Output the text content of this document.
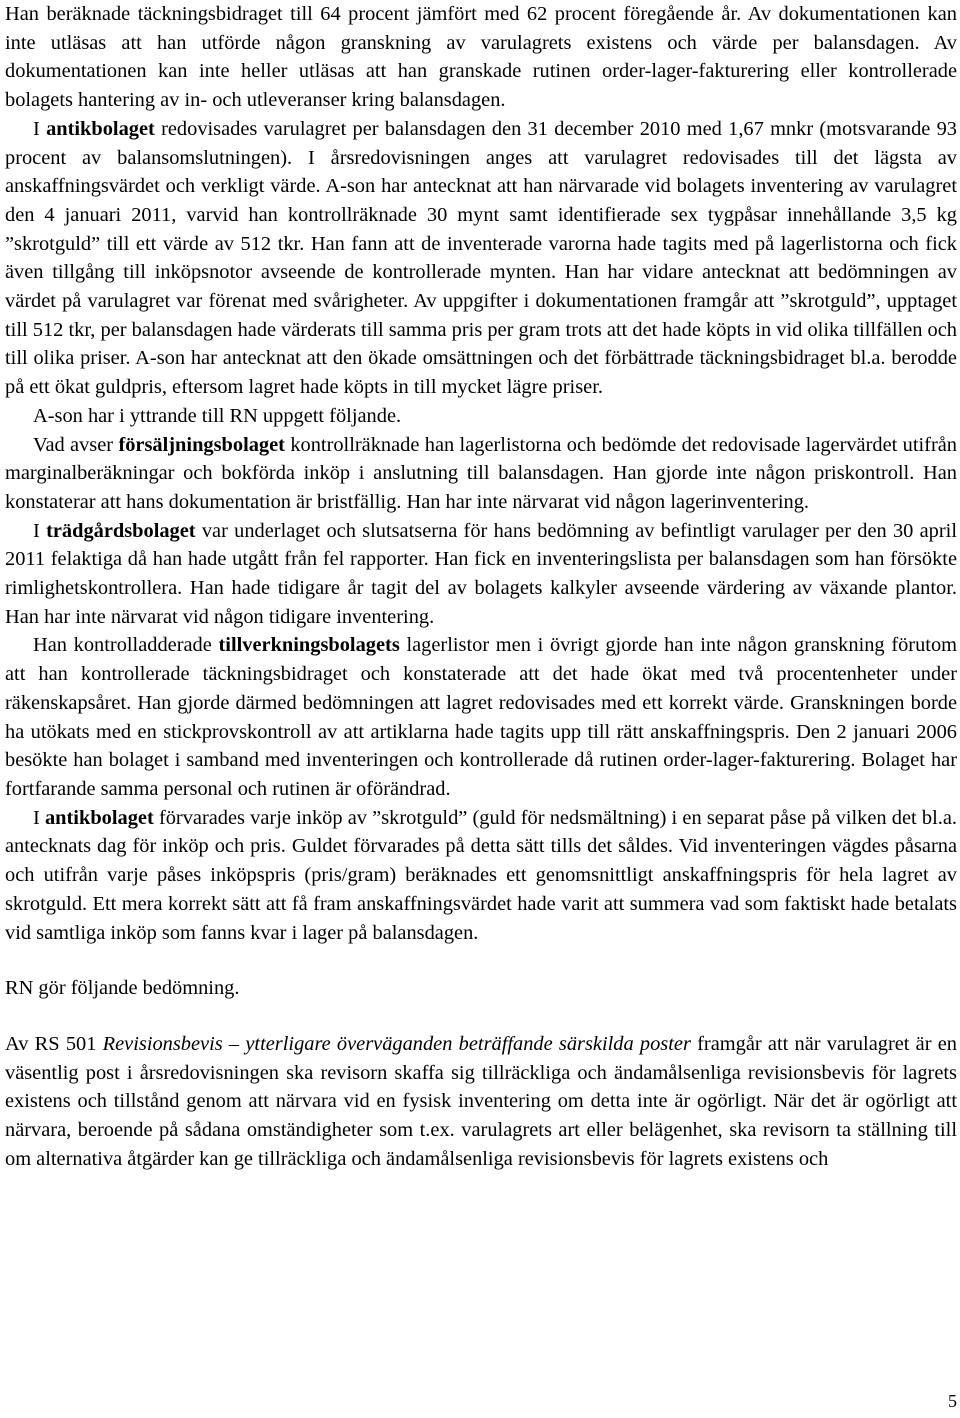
Han beräknade täckningsbidraget till 64 procent jämfört med 62 procent föregående år. Av dokumentationen kan inte utläsas att han utförde någon granskning av varulagrets existens och värde per balansdagen. Av dokumentationen kan inte heller utläsas att han granskade rutinen order-lager-fakturering eller kontrollerade bolagets hantering av in- och utleveranser kring balansdagen.

I antikbolaget redovisades varulagret per balansdagen den 31 december 2010 med 1,67 mnkr (motsvarande 93 procent av balansomslutningen). I årsredovisningen anges att varulagret redovisades till det lägsta av anskaffningsvärdet och verkligt värde. A-son har antecknat att han närvarade vid bolagets inventering av varulagret den 4 januari 2011, varvid han kontrollräknade 30 mynt samt identifierade sex tygpåsar innehållande 3,5 kg ”skrotguld” till ett värde av 512 tkr. Han fann att de inventerade varorna hade tagits med på lagerlistorna och fick även tillgång till inköpsnotor avseende de kontrollerade mynten. Han har vidare antecknat att bedömningen av värdet på varulagret var förenat med svårigheter. Av uppgifter i dokumentationen framgår att ”skrotguld”, upptaget till 512 tkr, per balansdagen hade värderats till samma pris per gram trots att det hade köpts in vid olika tillfällen och till olika priser. A-son har antecknat att den ökade omsättningen och det förbättrade täckningsbidraget bl.a. berodde på ett ökat guldpris, eftersom lagret hade köpts in till mycket lägre priser.

A-son har i yttrande till RN uppgett följande.

Vad avser försäljningsbolaget kontrollräknade han lagerlistorna och bedömde det redovisade lagervärdet utifrån marginalberäkningar och bokförda inköp i anslutning till balansdagen. Han gjorde inte någon priskontroll. Han konstaterar att hans dokumentation är bristfällig. Han har inte närvarat vid någon lagerinventering.

I trädgårdsbolaget var underlaget och slutsatserna för hans bedömning av befintligt varulager per den 30 april 2011 felaktiga då han hade utgått från fel rapporter. Han fick en inventeringslista per balansdagen som han försökte rimlighetskontrollera. Han hade tidigare år tagit del av bolagets kalkyler avseende värdering av växande plantor. Han har inte närvarat vid någon tidigare inventering.

Han kontrolladderade tillverkningsbolagets lagerlistor men i övrigt gjorde han inte någon granskning förutom att han kontrollerade täckningsbidraget och konstaterade att det hade ökat med två procentenheter under räkenskapsåret. Han gjorde därmed bedömningen att lagret redovisades med ett korrekt värde. Granskningen borde ha utökats med en stickprovskontroll av att artiklarna hade tagits upp till rätt anskaffningspris. Den 2 januari 2006 besökte han bolaget i samband med inventeringen och kontrollerade då rutinen order-lager-fakturering. Bolaget har fortfarande samma personal och rutinen är oförändrad.

I antikbolaget förvarades varje inköp av ”skrotguld” (guld för nedsmältning) i en separat påse på vilken det bl.a. antecknats dag för inköp och pris. Guldet förvarades på detta sätt tills det såldes. Vid inventeringen vägdes påsarna och utifrån varje påses inköpspris (pris/gram) beräknades ett genomsnittligt anskaffningspris för hela lagret av skrotguld. Ett mera korrekt sätt att få fram anskaffningsvärdet hade varit att summera vad som faktiskt hade betalats vid samtliga inköp som fanns kvar i lager på balansdagen.

RN gör följande bedömning.

Av RS 501 Revisionsbevis – ytterligare överväganden beträffande särskilda poster framgår att när varulagret är en väsentlig post i årsredovisningen ska revisorn skaffa sig tillräckliga och ändamålsenliga revisionsbevis för lagrets existens och tillstånd genom att närvara vid en fysisk inventering om detta inte är ogörligt. När det är ogörligt att närvara, beroende på sådana omständigheter som t.ex. varulagrets art eller belägenhet, ska revisorn ta ställning till om alternativa åtgärder kan ge tillräckliga och ändamålsenliga revisionsbevis för lagrets existens och

5
